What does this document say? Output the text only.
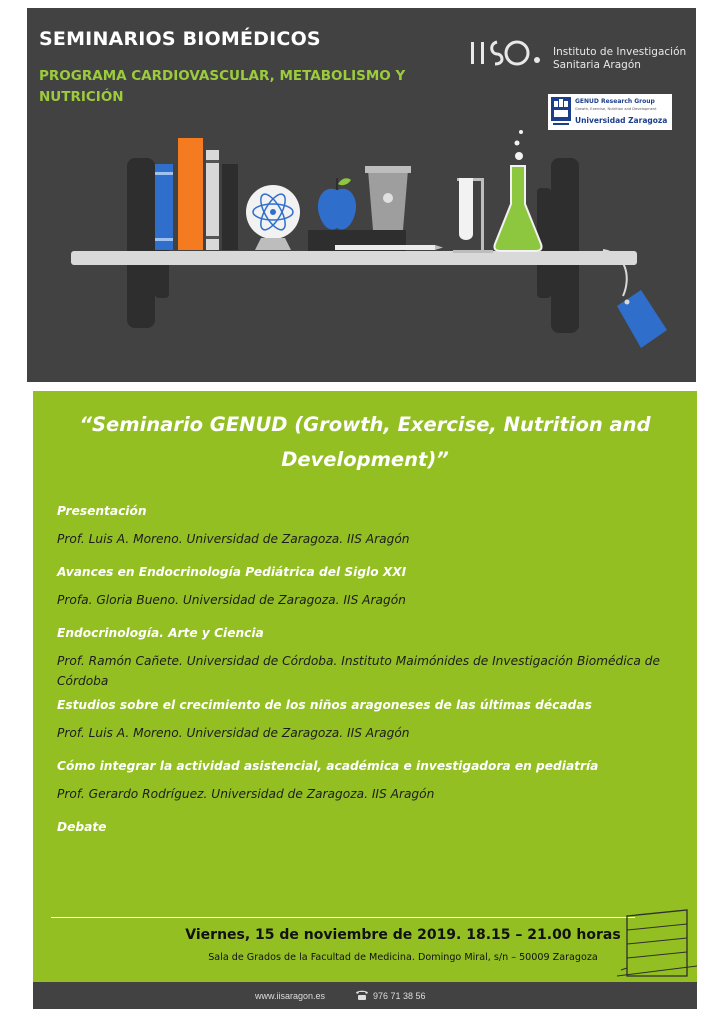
SEMINARIOS BIOMÉDICOS
PROGRAMA CARDIOVASCULAR, METABOLISMO Y NUTRICIÓN
Instituto de Investigación
Sanitaria Aragón
GENUD Research Group
Growth, Exercise, Nutrition and Development
Universidad Zaragoza
“Seminario GENUD (Growth, Exercise, Nutrition and Development)”
Presentación
Prof. Luis A. Moreno. Universidad de Zaragoza. IIS Aragón
Avances en Endocrinología Pediátrica del Siglo XXI
Profa. Gloria Bueno. Universidad de Zaragoza. IIS Aragón
Endocrinología. Arte y Ciencia
Prof. Ramón Cañete. Universidad de Córdoba. Instituto Maimónides de Investigación Biomédica de Córdoba
Estudios sobre el crecimiento de los niños aragoneses de las últimas décadas
Prof. Luis A. Moreno. Universidad de Zaragoza. IIS Aragón
Cómo integrar la actividad asistencial, académica e investigadora en pediatría
Prof. Gerardo Rodríguez. Universidad de Zaragoza. IIS Aragón
Debate
Viernes, 15 de noviembre de 2019. 18.15 – 21.00 horas
Sala de Grados de la Facultad de Medicina. Domingo Miral, s/n – 50009 Zaragoza
www.iisaragon.es	976 71 38 56
